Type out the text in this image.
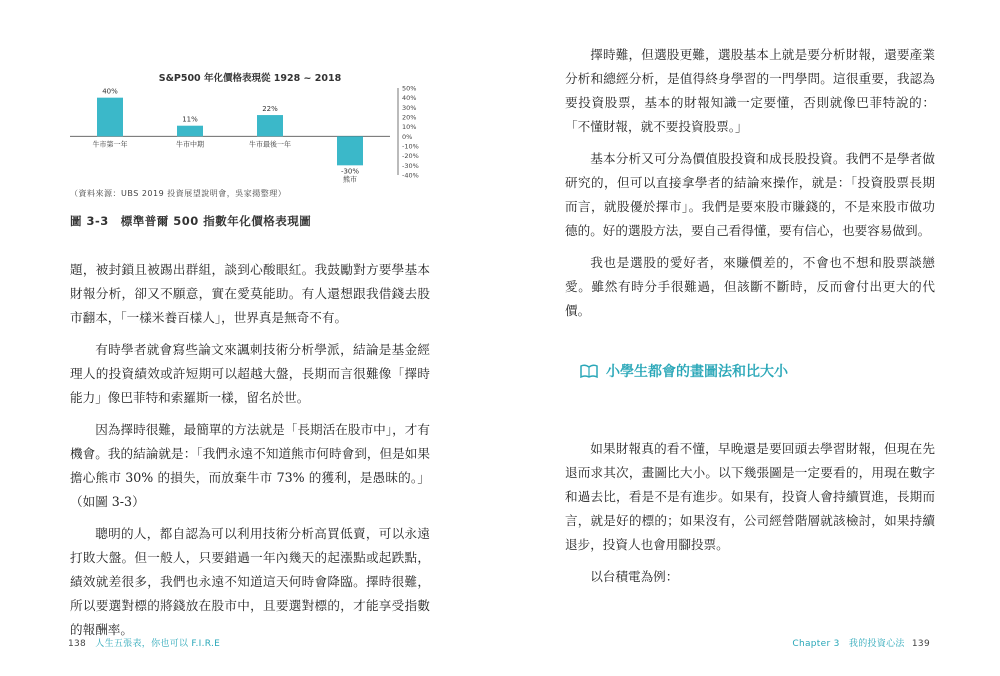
40%
牛市第一年
11%
牛市中期
22%
牛市最後一年
-30%
熊市
50%
40%
30%
20%
10%
0%
-10%
-20%
-30%
-40%
S&P500 年化價格表現從 1928 ~ 2018
（資料來源：UBS 2019 投資展望說明會，吳家揚整理）
圖 3-3　標準普爾 500 指數年化價格表現圖

題，被封鎖且被踢出群組，談到心酸眼紅。我鼓勵對方要學基本財報分析，卻又不願意，實在愛莫能助。有人還想跟我借錢去股市翻本，「一樣米養百樣人」，世界真是無奇不有。

有時學者就會寫些論文來諷刺技術分析學派，結論是基金經理人的投資績效或許短期可以超越大盤，長期而言很難像「擇時能力」像巴菲特和索羅斯一樣，留名於世。

因為擇時很難，最簡單的方法就是「長期活在股市中」，才有機會。我的結論就是：「我們永遠不知道熊市何時會到，但是如果擔心熊市 30% 的損失，而放棄牛市 73% 的獲利，是愚昧的。」（如圖 3-3）

聰明的人，都自認為可以利用技術分析高買低賣，可以永遠打敗大盤。但一般人，只要錯過一年內幾天的起漲點或起跌點，績效就差很多，我們也永遠不知道這天何時會降臨。擇時很難，所以要選對標的將錢放在股市中，且要選對標的，才能享受指數的報酬率。

138 人生五張表，你也可以 F.I.R.E

擇時難，但選股更難，選股基本上就是要分析財報，還要產業分析和總經分析，是值得終身學習的一門學問。這很重要，我認為要投資股票，基本的財報知識一定要懂，否則就像巴菲特說的：「不懂財報，就不要投資股票。」

基本分析又可分為價值股投資和成長股投資。我們不是學者做研究的，但可以直接拿學者的結論來操作，就是：「投資股票長期而言，就股優於擇市」。我們是要來股市賺錢的，不是來股市做功德的。好的選股方法，要自己看得懂，要有信心，也要容易做到。

我也是選股的愛好者，來賺價差的，不會也不想和股票談戀愛。雖然有時分手很難過，但該斷不斷時，反而會付出更大的代價。

小學生都會的畫圖法和比大小

如果財報真的看不懂，早晚還是要回頭去學習財報，但現在先退而求其次，畫圖比大小。以下幾張圖是一定要看的，用現在數字和過去比，看是不是有進步。如果有，投資人會持續買進，長期而言，就是好的標的；如果沒有，公司經營階層就該檢討，如果持續退步，投資人也會用腳投票。

以台積電為例：

Chapter 3　我的投資心法 139
